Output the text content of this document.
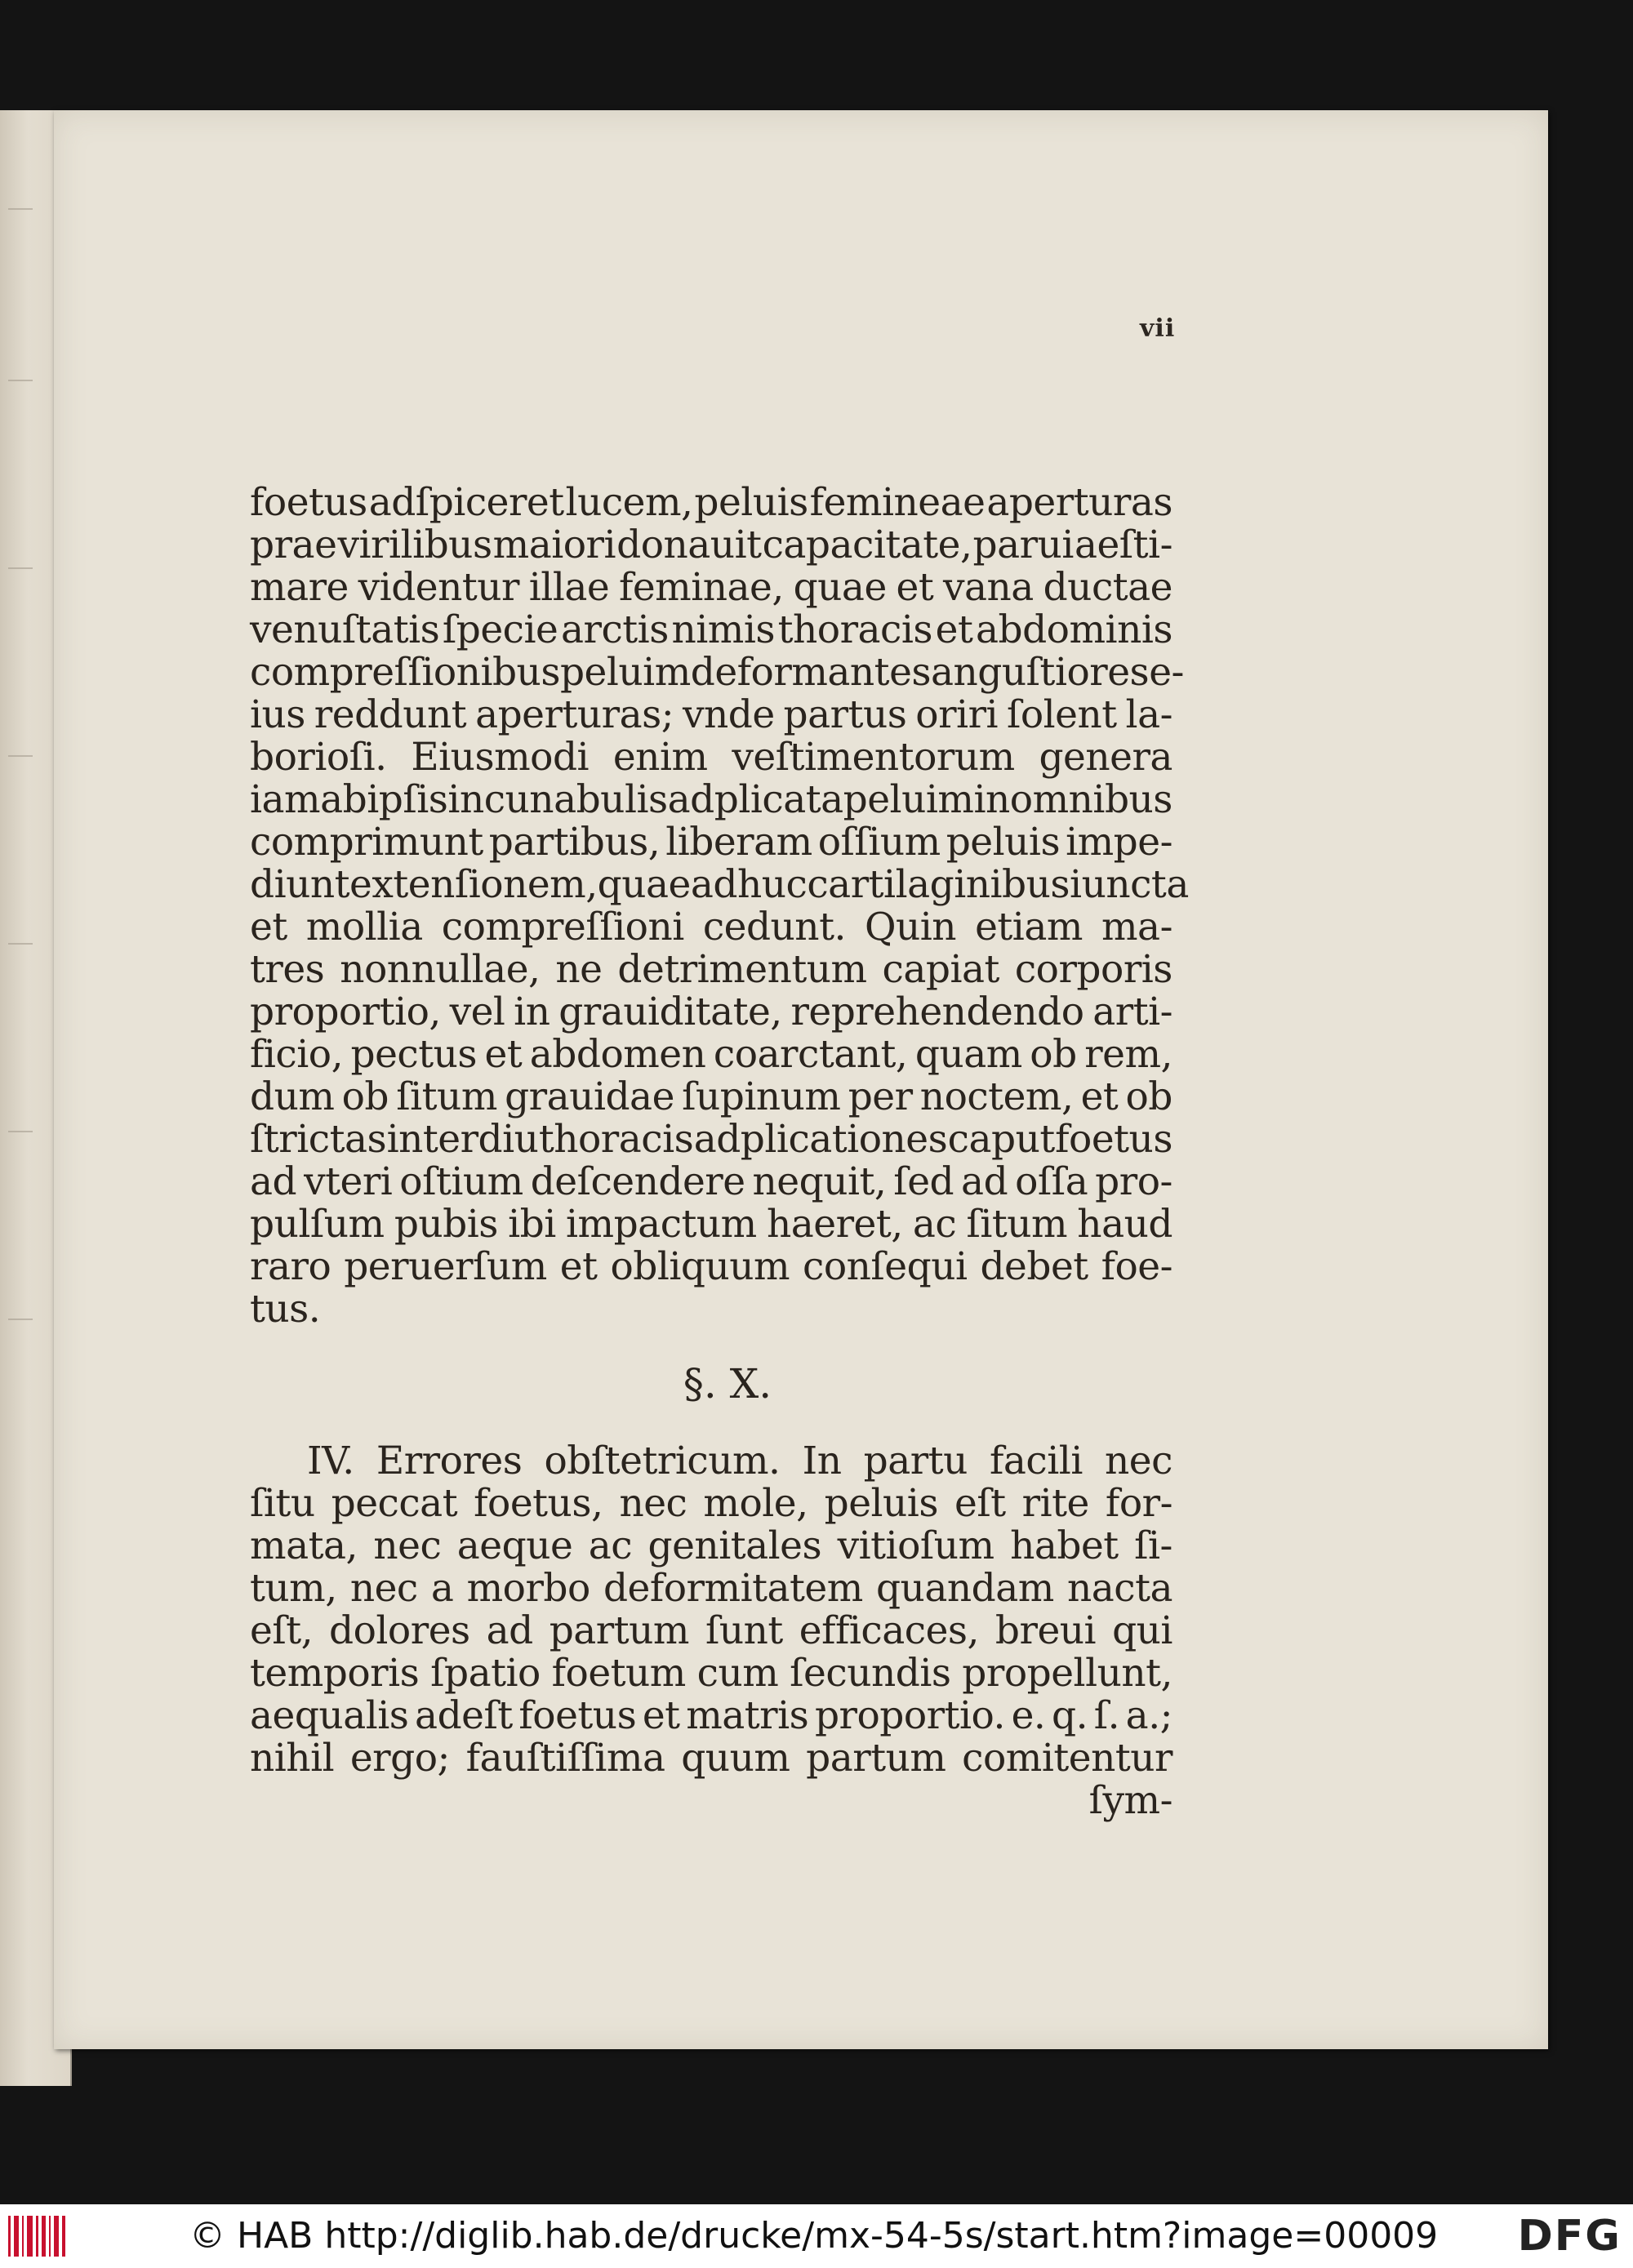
vii
foetus adſpiceret lucem, peluis femineae aperturas
prae virilibus maiori donauit capacitate, parui aeſti-
mare videntur illae feminae, quae et vana ductae
venuſtatis ſpecie arctis nimis thoracis et abdominis
compreſſionibus peluim deformantes anguſtiores e-
ius reddunt aperturas; vnde partus oriri ſolent la-
borioſi. Eiusmodi enim veſtimentorum genera
iam ab ipſis incunabulis adplicata peluim in omnibus
comprimunt partibus, liberam oſſium peluis impe-
diunt extenſionem, quae adhuc cartilaginibus iuncta
et mollia compreſſioni cedunt. Quin etiam ma-
tres nonnullae, ne detrimentum capiat corporis
proportio, vel in grauiditate, reprehendendo arti-
ficio, pectus et abdomen coarctant, quam ob rem,
dum ob ſitum grauidae ſupinum per noctem, et ob
ſtrictas interdiu thoracis adplicationes caput foetus
ad vteri oſtium deſcendere nequit, ſed ad oſſa pro-
pulſum pubis ibi impactum haeret, ac ſitum haud
raro peruerſum et obliquum conſequi debet foe-
tus.
§. X.
IV. Errores obſtetricum. In partu facili nec
ſitu peccat foetus, nec mole, peluis eſt rite for-
mata, nec aeque ac genitales vitioſum habet ſi-
tum, nec a morbo deformitatem quandam nacta
eſt, dolores ad partum ſunt efficaces, breui qui
temporis ſpatio foetum cum ſecundis propellunt,
aequalis adeſt foetus et matris proportio. e. q. ſ. a.;
nihil ergo; fauſtiſſima quum partum comitentur
ſym-
© HAB http://diglib.hab.de/drucke/mx-54-5s/start.htm?image=00009 DFG
